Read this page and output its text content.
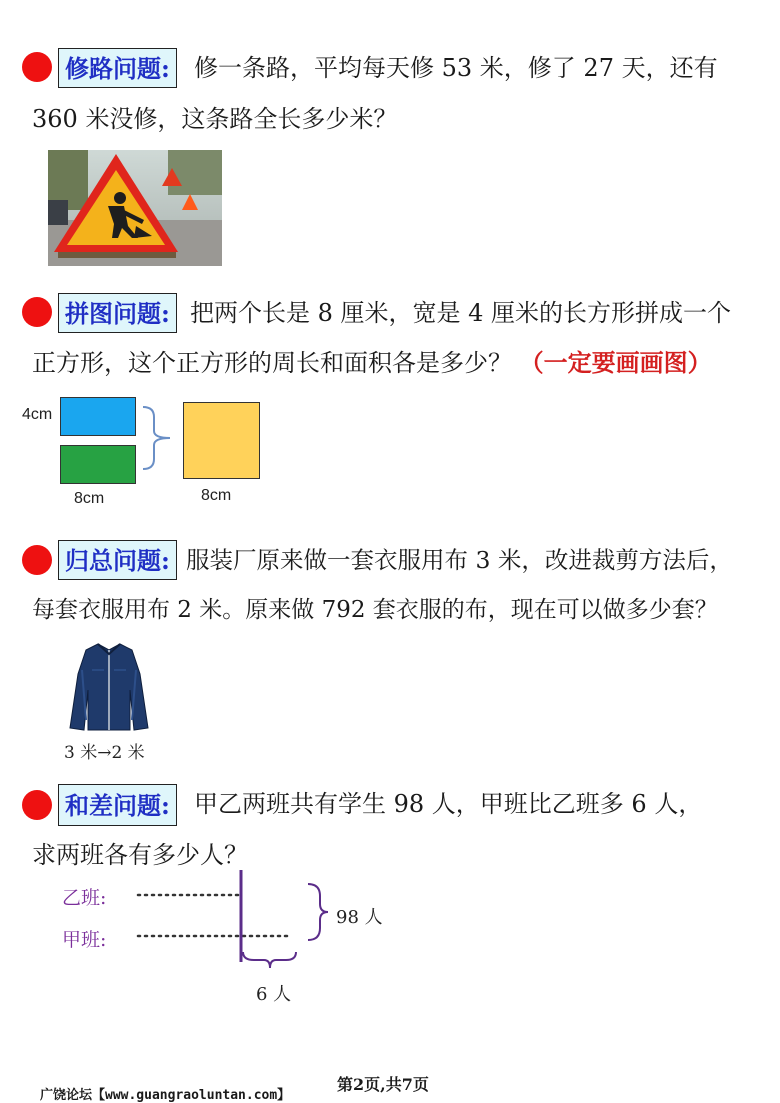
修路问题: 修一条路，平均每天修 53 米，修了 27 天，还有
360 米没修，这条路全长多少米？
拼图问题: 把两个长是 8 厘米，宽是 4 厘米的长方形拼成一个
正方形，这个正方形的周长和面积各是多少？ （一定要画画图）
4cm
8cm	8cm
归总问题: 服装厂原来做一套衣服用布 3 米，改进裁剪方法后，
每套衣服用布 2 米。原来做 792 套衣服的布，现在可以做多少套？
3 米→2 米
和差问题: 甲乙两班共有学生 98 人，甲班比乙班多 6 人，
求两班各有多少人？
乙班:
甲班:
98 人
6 人
广饶论坛【www.guangraoluntan.com】
第2页,共7页
